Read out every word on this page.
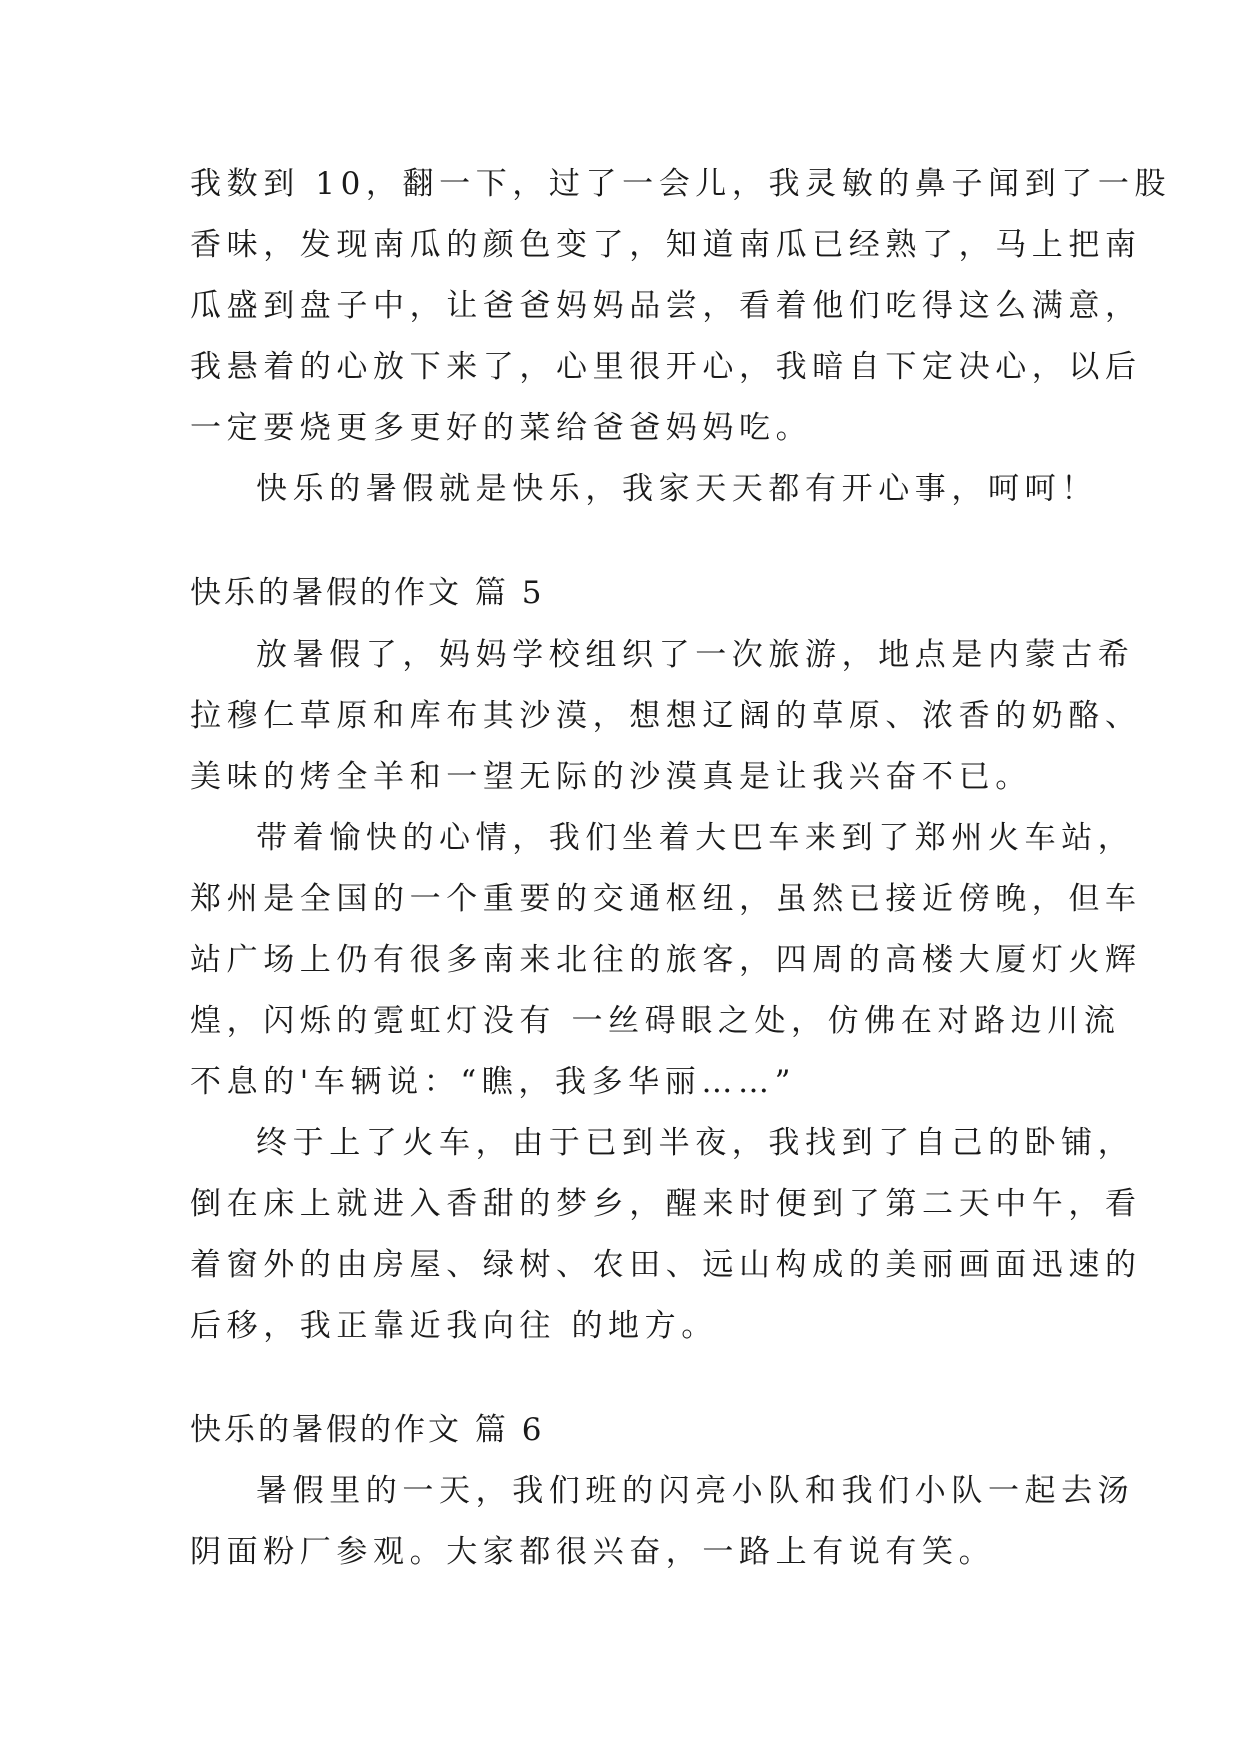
我数到 10，翻一下，过了一会儿，我灵敏的鼻子闻到了一股
香味，发现南瓜的颜色变了，知道南瓜已经熟了，马上把南
瓜盛到盘子中，让爸爸妈妈品尝，看着他们吃得这么满意，
我悬着的心放下来了，心里很开心，我暗自下定决心，以后
一定要烧更多更好的菜给爸爸妈妈吃。
快乐的暑假就是快乐，我家天天都有开心事，呵呵！
快乐的暑假的作文 篇 5
放暑假了，妈妈学校组织了一次旅游，地点是内蒙古希
拉穆仁草原和库布其沙漠，想想辽阔的草原、浓香的奶酪、
美味的烤全羊和一望无际的沙漠真是让我兴奋不已。
带着愉快的心情，我们坐着大巴车来到了郑州火车站，
郑州是全国的一个重要的交通枢纽，虽然已接近傍晚，但车
站广场上仍有很多南来北往的旅客，四周的高楼大厦灯火辉
煌，闪烁的霓虹灯没有 一丝碍眼之处，仿佛在对路边川流
不息的'车辆说：“瞧，我多华丽……”
终于上了火车，由于已到半夜，我找到了自己的卧铺，
倒在床上就进入香甜的梦乡，醒来时便到了第二天中午，看
着窗外的由房屋、绿树、农田、远山构成的美丽画面迅速的
后移，我正靠近我向往 的地方。
快乐的暑假的作文 篇 6
暑假里的一天，我们班的闪亮小队和我们小队一起去汤
阴面粉厂参观。大家都很兴奋，一路上有说有笑。
